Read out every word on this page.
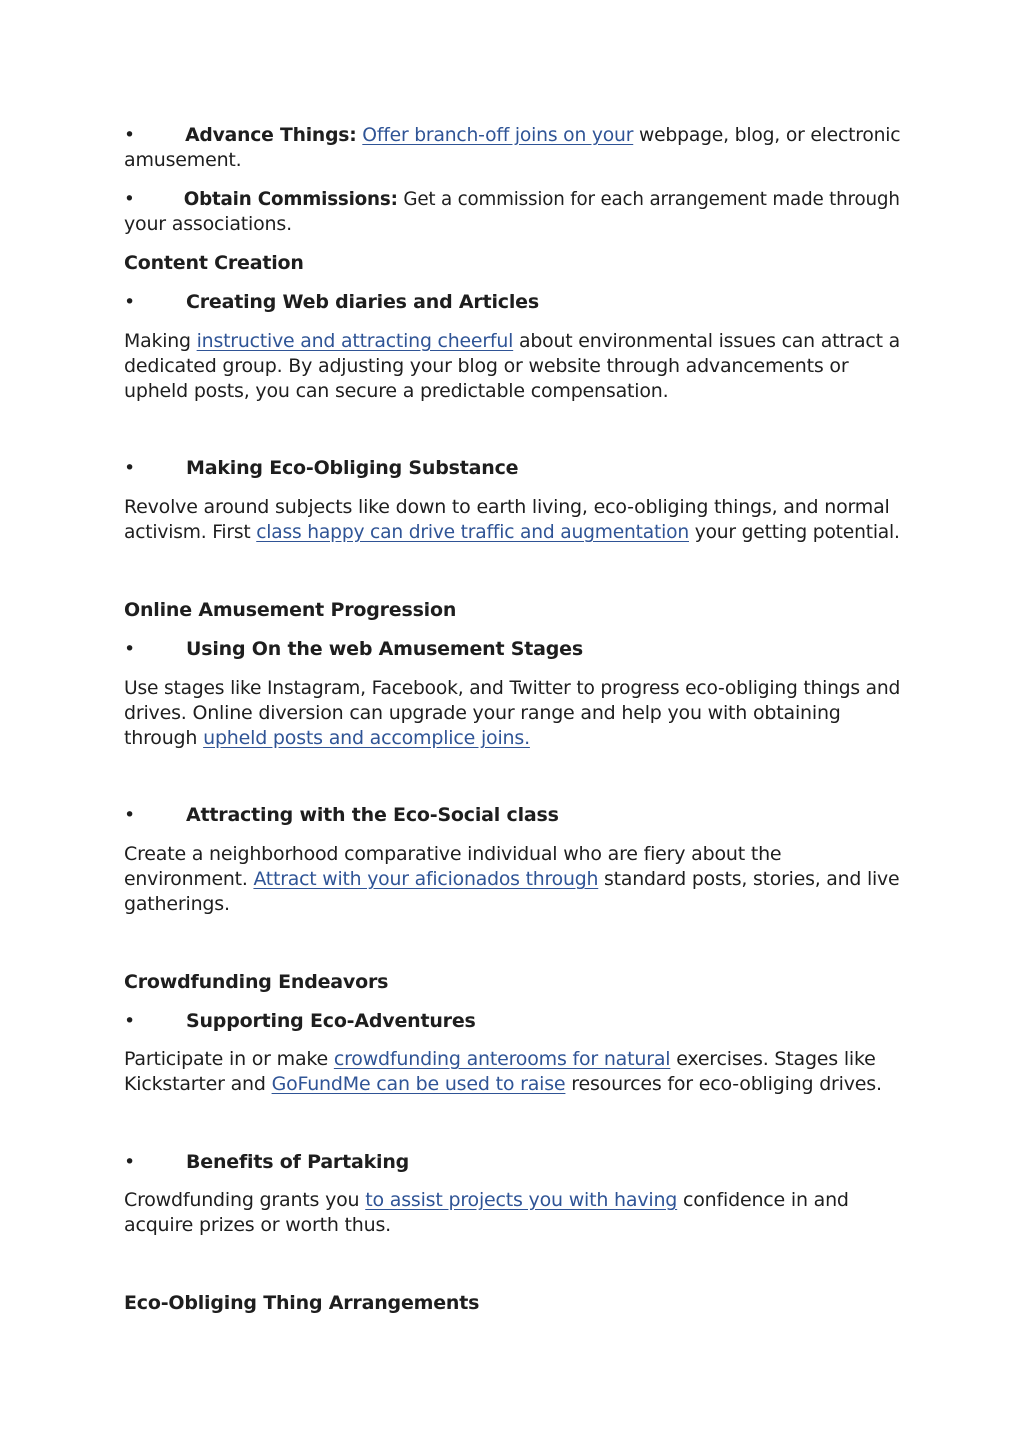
•	Advance Things: Offer branch-off joins on your webpage, blog, or electronic
amusement.
•	Obtain Commissions: Get a commission for each arrangement made through
your associations.
Content Creation
•	Creating Web diaries and Articles
Making instructive and attracting cheerful about environmental issues can attract a
dedicated group. By adjusting your blog or website through advancements or
upheld posts, you can secure a predictable compensation.
•	Making Eco-Obliging Substance
Revolve around subjects like down to earth living, eco-obliging things, and normal
activism. First class happy can drive traffic and augmentation your getting potential.
Online Amusement Progression
•	Using On the web Amusement Stages
Use stages like Instagram, Facebook, and Twitter to progress eco-obliging things and
drives. Online diversion can upgrade your range and help you with obtaining
through upheld posts and accomplice joins.
•	Attracting with the Eco-Social class
Create a neighborhood comparative individual who are fiery about the
environment. Attract with your aficionados through standard posts, stories, and live
gatherings.
Crowdfunding Endeavors
•	Supporting Eco-Adventures
Participate in or make crowdfunding anterooms for natural exercises. Stages like
Kickstarter and GoFundMe can be used to raise resources for eco-obliging drives.
•	Benefits of Partaking
Crowdfunding grants you to assist projects you with having confidence in and
acquire prizes or worth thus.
Eco-Obliging Thing Arrangements
